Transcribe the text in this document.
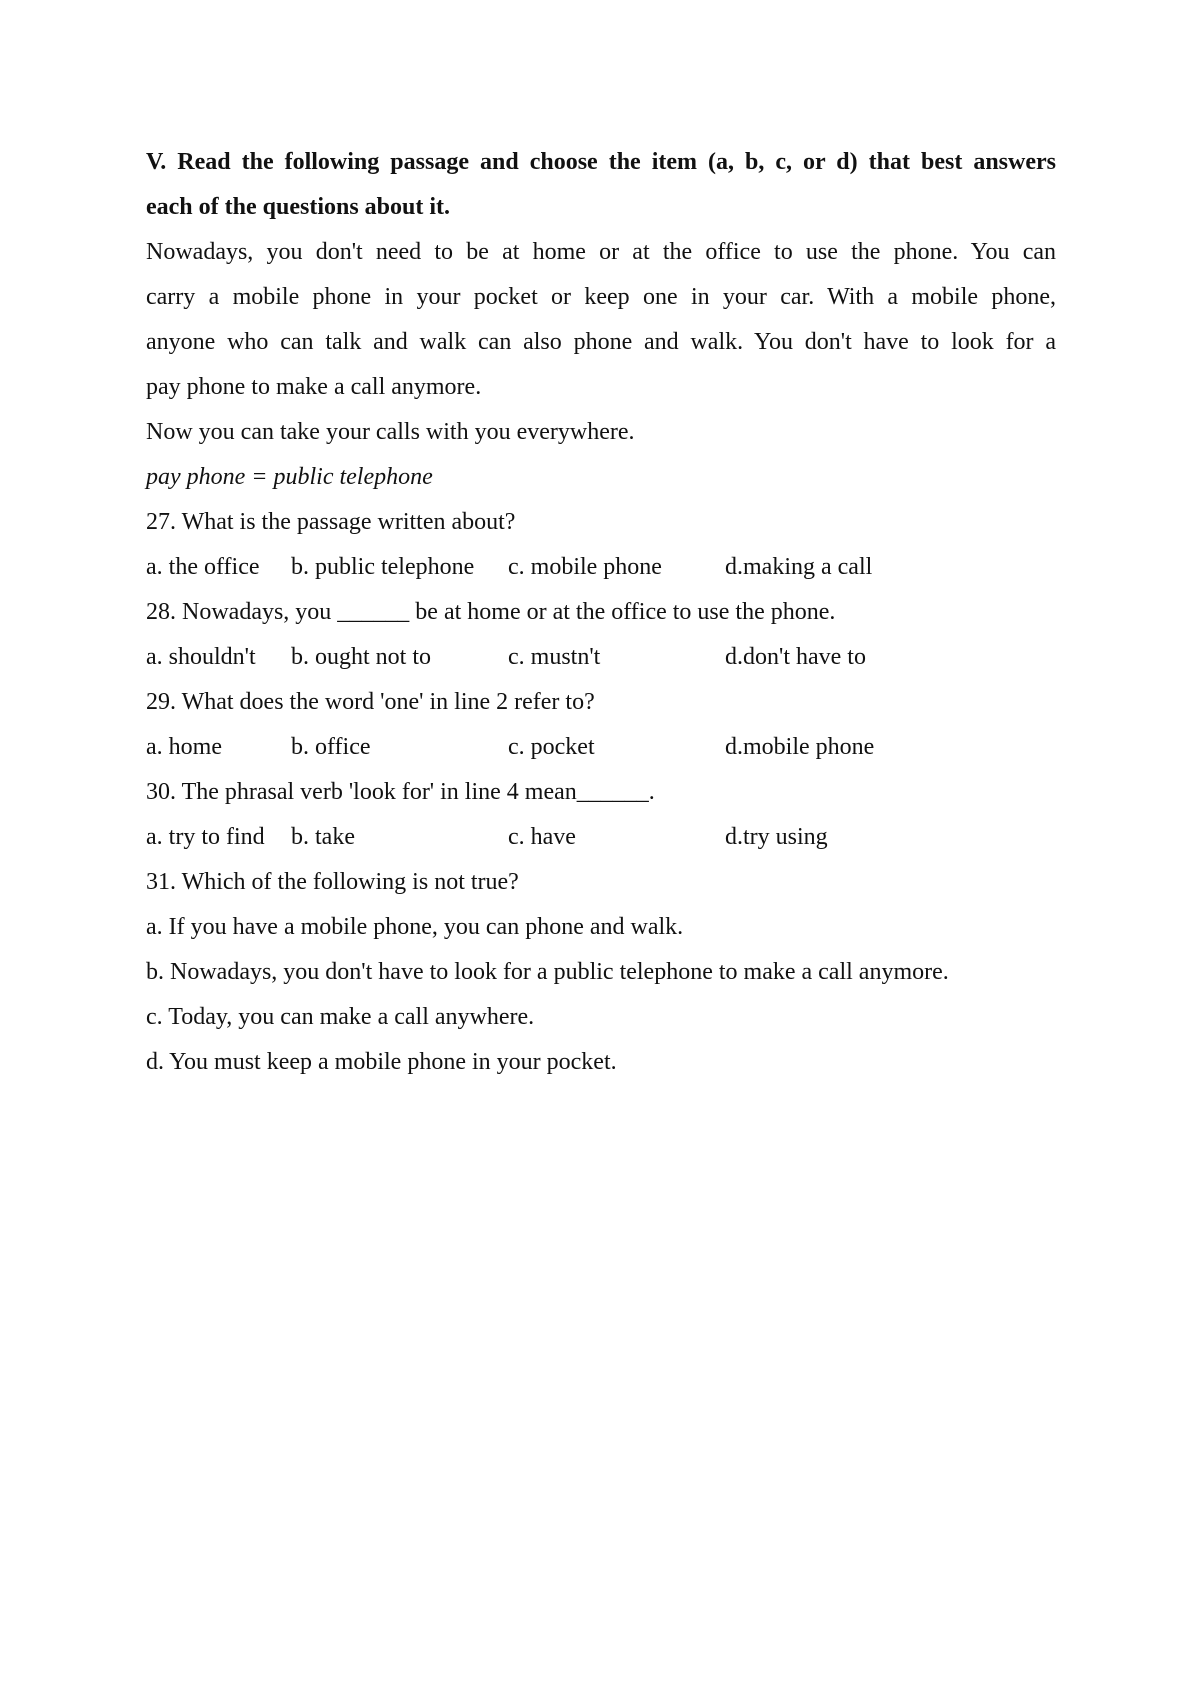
V. Read the following passage and choose the item (a, b, c, or d) that best answers
each of the questions about it.
Nowadays, you don't need to be at home or at the office to use the phone. You can
carry a mobile phone in your pocket or keep one in your car. With a mobile phone,
anyone who can talk and walk can also phone and walk. You don't have to look for a
pay phone to make a call anymore.
Now you can take your calls with you everywhere.
pay phone = public telephone
27. What is the passage written about?
a. the office b. public telephone c. mobile phone	d.making a call
28. Nowadays, you ______ be at home or at the office to use the phone.
a. shouldn't b. ought not to	c. mustn't	d.don't have to
29. What does the word 'one' in line 2 refer to?
a. home	b. office	c. pocket	d.mobile phone
30. The phrasal verb 'look for' in line 4 mean______.
a. try to find b. take	c. have	d.try using
31. Which of the following is not true?
a. If you have a mobile phone, you can phone and walk.
b. Nowadays, you don't have to look for a public telephone to make a call anymore.
c. Today, you can make a call anywhere.
d. You must keep a mobile phone in your pocket.
